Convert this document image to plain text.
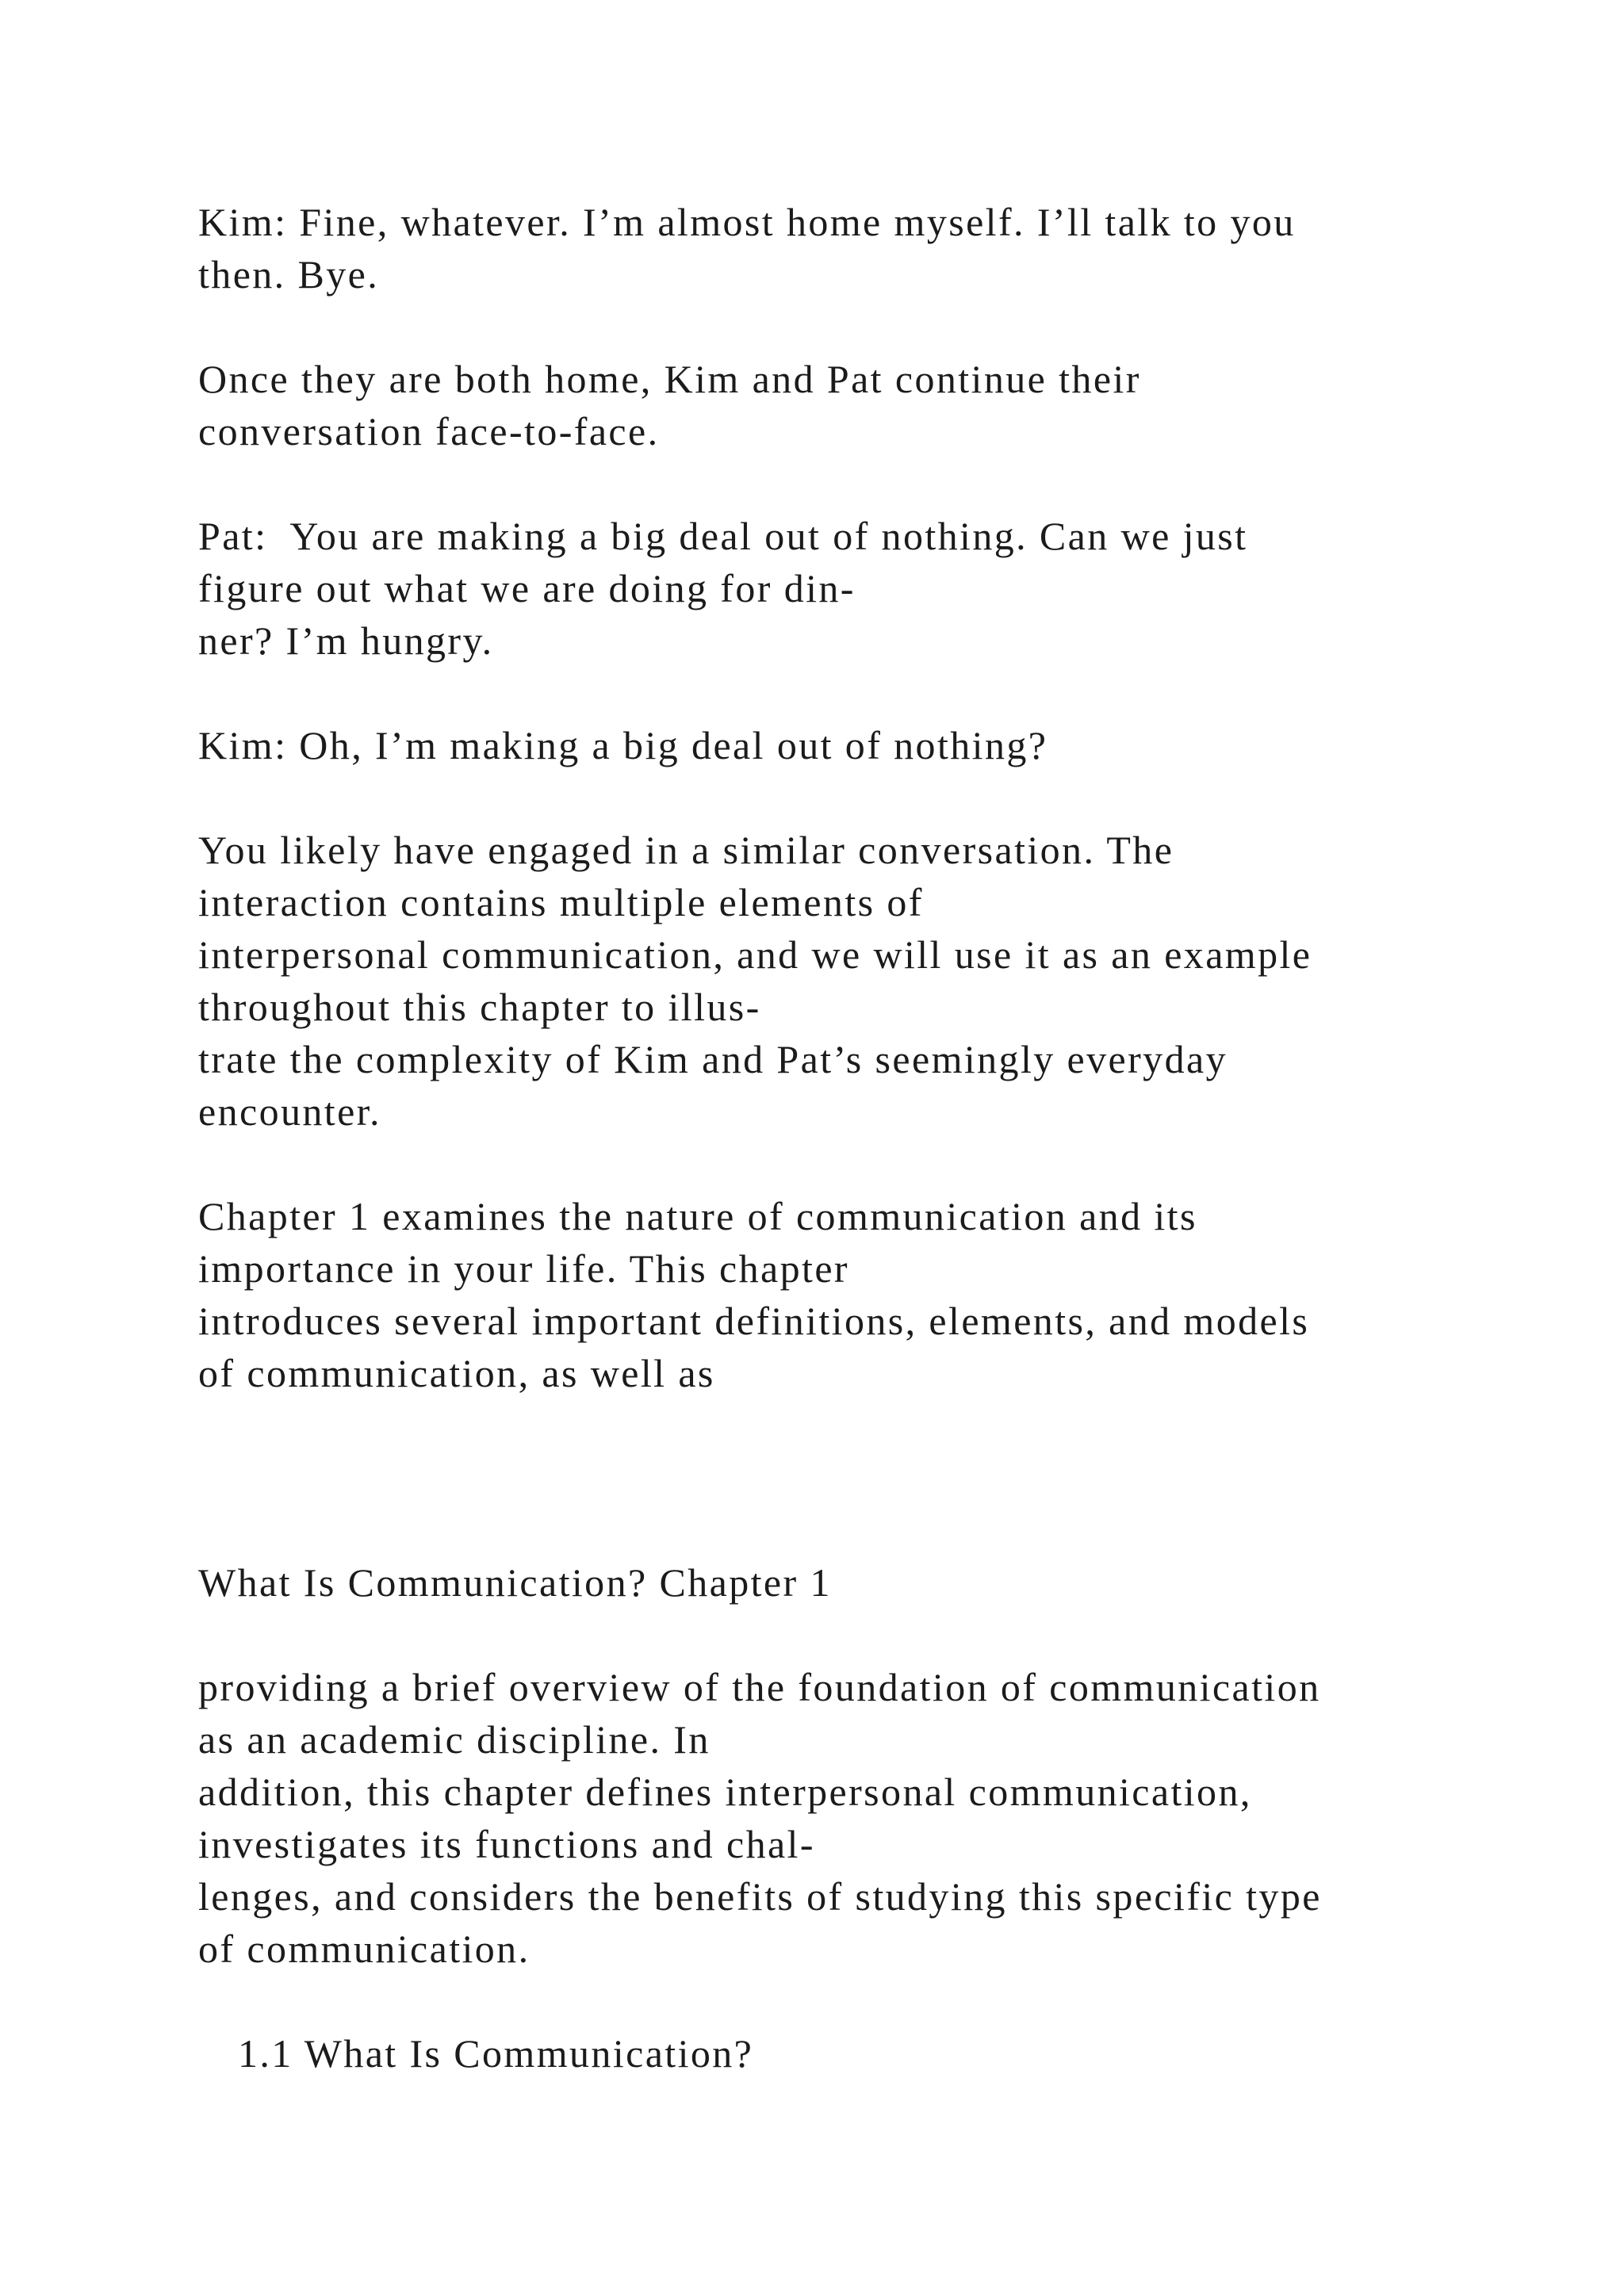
Kim: Fine, whatever. I’m almost home myself. I’ll talk to you
then. Bye.

Once they are both home, Kim and Pat continue their
conversation face-to-face.

Pat:  You are making a big deal out of nothing. Can we just
figure out what we are doing for din-
ner? I’m hungry.

Kim: Oh, I’m making a big deal out of nothing?

You likely have engaged in a similar conversation. The
interaction contains multiple elements of
interpersonal communication, and we will use it as an example
throughout this chapter to illus-
trate the complexity of Kim and Pat’s seemingly everyday
encounter.

Chapter 1 examines the nature of communication and its
importance in your life. This chapter
introduces several important definitions, elements, and models
of communication, as well as

What Is Communication? Chapter 1

providing a brief overview of the foundation of communication
as an academic discipline. In
addition, this chapter defines interpersonal communication,
investigates its functions and chal-
lenges, and considers the benefits of studying this specific type
of communication.

1.1 What Is Communication?
